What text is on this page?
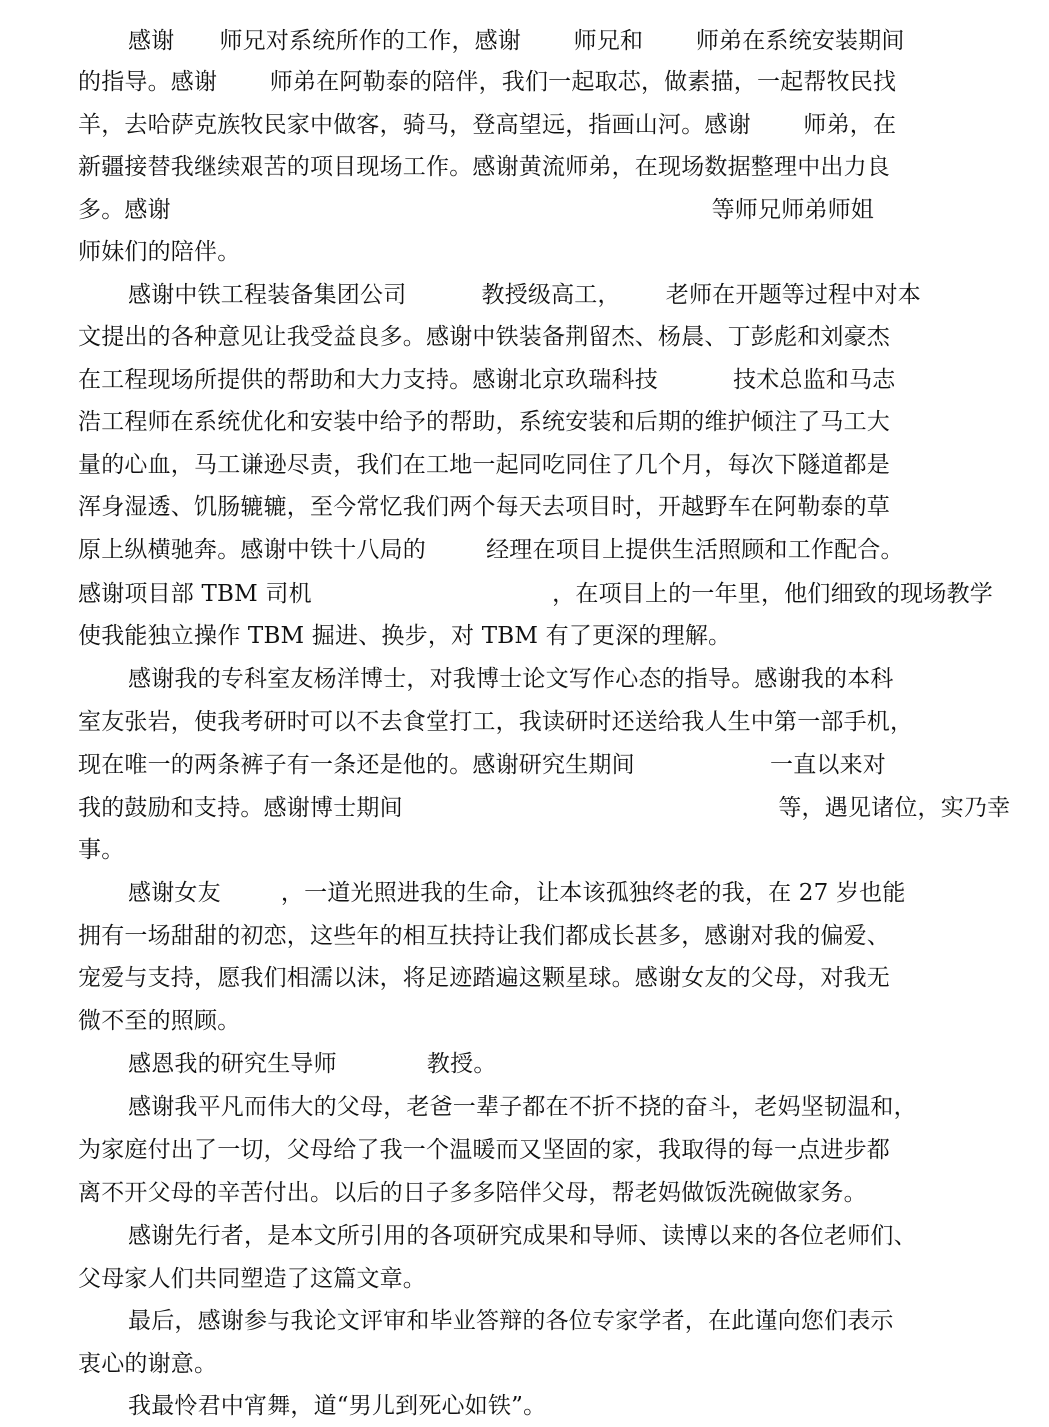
感谢      师兄对系统所作的工作，感谢       师兄和       师弟在系统安装期间
的指导。感谢       师弟在阿勒泰的陪伴，我们一起取芯，做素描，一起帮牧民找
羊，去哈萨克族牧民家中做客，骑马，登高望远，指画山河。感谢       师弟，在
新疆接替我继续艰苦的项目现场工作。感谢黄流师弟，在现场数据整理中出力良
多。感谢                                                                        等师兄师弟师姐
师妹们的陪伴。
感谢中铁工程装备集团公司          教授级高工，      老师在开题等过程中对本
文提出的各种意见让我受益良多。感谢中铁装备荆留杰、杨晨、丁彭彪和刘豪杰
在工程现场所提供的帮助和大力支持。感谢北京玖瑞科技          技术总监和马志
浩工程师在系统优化和安装中给予的帮助，系统安装和后期的维护倾注了马工大
量的心血，马工谦逊尽责，我们在工地一起同吃同住了几个月，每次下隧道都是
浑身湿透、饥肠辘辘，至今常忆我们两个每天去项目时，开越野车在阿勒泰的草
原上纵横驰奔。感谢中铁十八局的        经理在项目上提供生活照顾和工作配合。
感谢项目部 TBM 司机                                ，在项目上的一年里，他们细致的现场教学
使我能独立操作 TBM 掘进、换步，对 TBM 有了更深的理解。
感谢我的专科室友杨洋博士，对我博士论文写作心态的指导。感谢我的本科
室友张岩，使我考研时可以不去食堂打工，我读研时还送给我人生中第一部手机，
现在唯一的两条裤子有一条还是他的。感谢研究生期间                  一直以来对
我的鼓励和支持。感谢博士期间                                                  等，遇见诸位，实乃幸
事。
感谢女友        ，一道光照进我的生命，让本该孤独终老的我，在 27 岁也能
拥有一场甜甜的初恋，这些年的相互扶持让我们都成长甚多，感谢对我的偏爱、
宠爱与支持，愿我们相濡以沫，将足迹踏遍这颗星球。感谢女友的父母，对我无
微不至的照顾。
感恩我的研究生导师            教授。
感谢我平凡而伟大的父母，老爸一辈子都在不折不挠的奋斗，老妈坚韧温和，
为家庭付出了一切，父母给了我一个温暖而又坚固的家，我取得的每一点进步都
离不开父母的辛苦付出。以后的日子多多陪伴父母，帮老妈做饭洗碗做家务。
感谢先行者，是本文所引用的各项研究成果和导师、读博以来的各位老师们、
父母家人们共同塑造了这篇文章。
最后，感谢参与我论文评审和毕业答辩的各位专家学者，在此谨向您们表示
衷心的谢意。
我最怜君中宵舞，道“男儿到死心如铁”。
